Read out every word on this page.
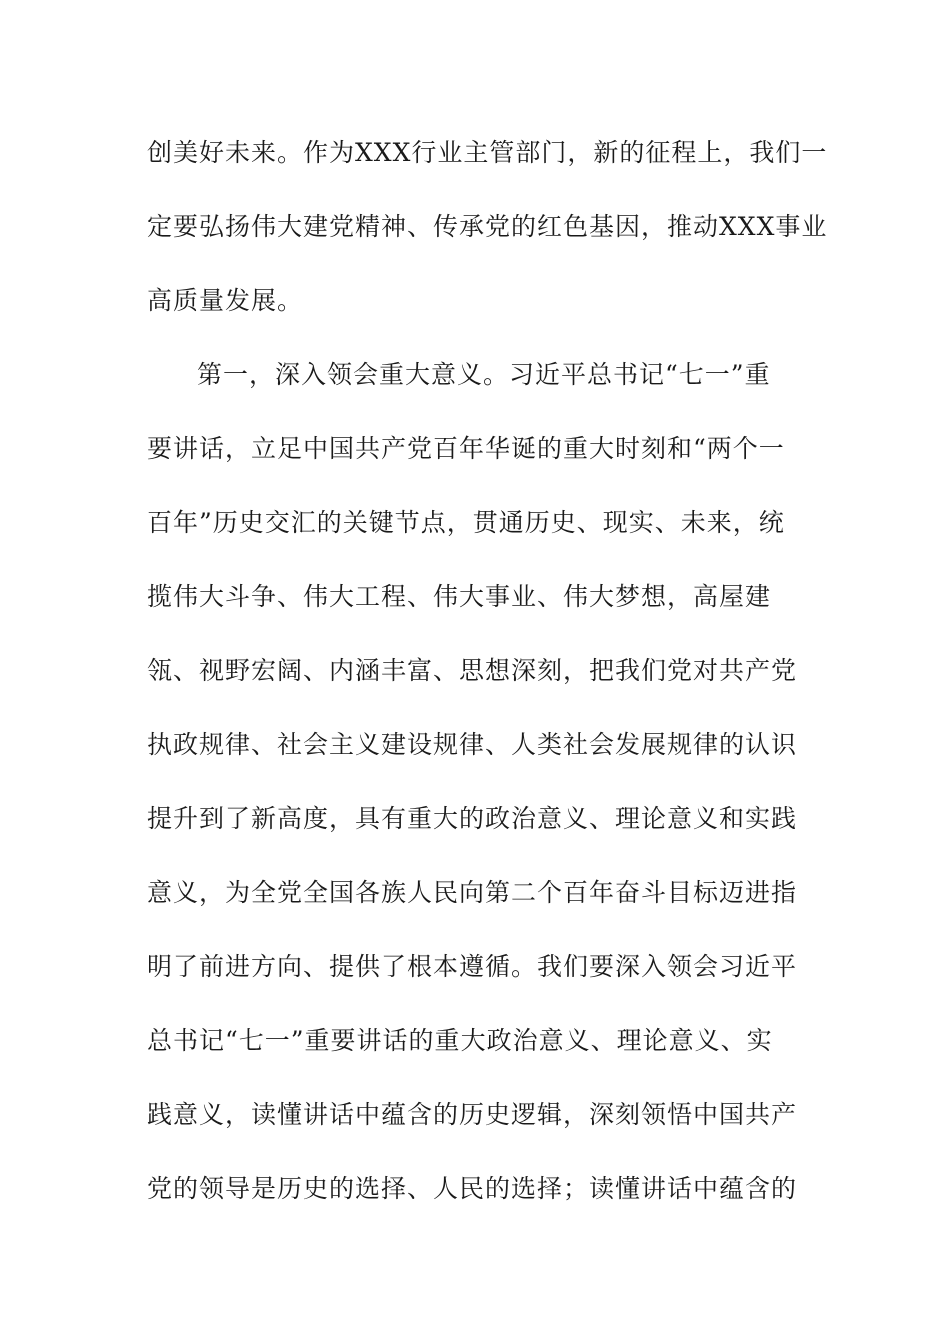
创美好未来。作为XXX行业主管部门，新的征程上，我们一
定要弘扬伟大建党精神、传承党的红色基因，推动XXX事业
高质量发展。
第一，深入领会重大意义。习近平总书记“七一”重
要讲话，立足中国共产党百年华诞的重大时刻和“两个一
百年”历史交汇的关键节点，贯通历史、现实、未来，统
揽伟大斗争、伟大工程、伟大事业、伟大梦想，高屋建
瓴、视野宏阔、内涵丰富、思想深刻，把我们党对共产党
执政规律、社会主义建设规律、人类社会发展规律的认识
提升到了新高度，具有重大的政治意义、理论意义和实践
意义，为全党全国各族人民向第二个百年奋斗目标迈进指
明了前进方向、提供了根本遵循。我们要深入领会习近平
总书记“七一”重要讲话的重大政治意义、理论意义、实
践意义，读懂讲话中蕴含的历史逻辑，深刻领悟中国共产
党的领导是历史的选择、人民的选择；读懂讲话中蕴含的
